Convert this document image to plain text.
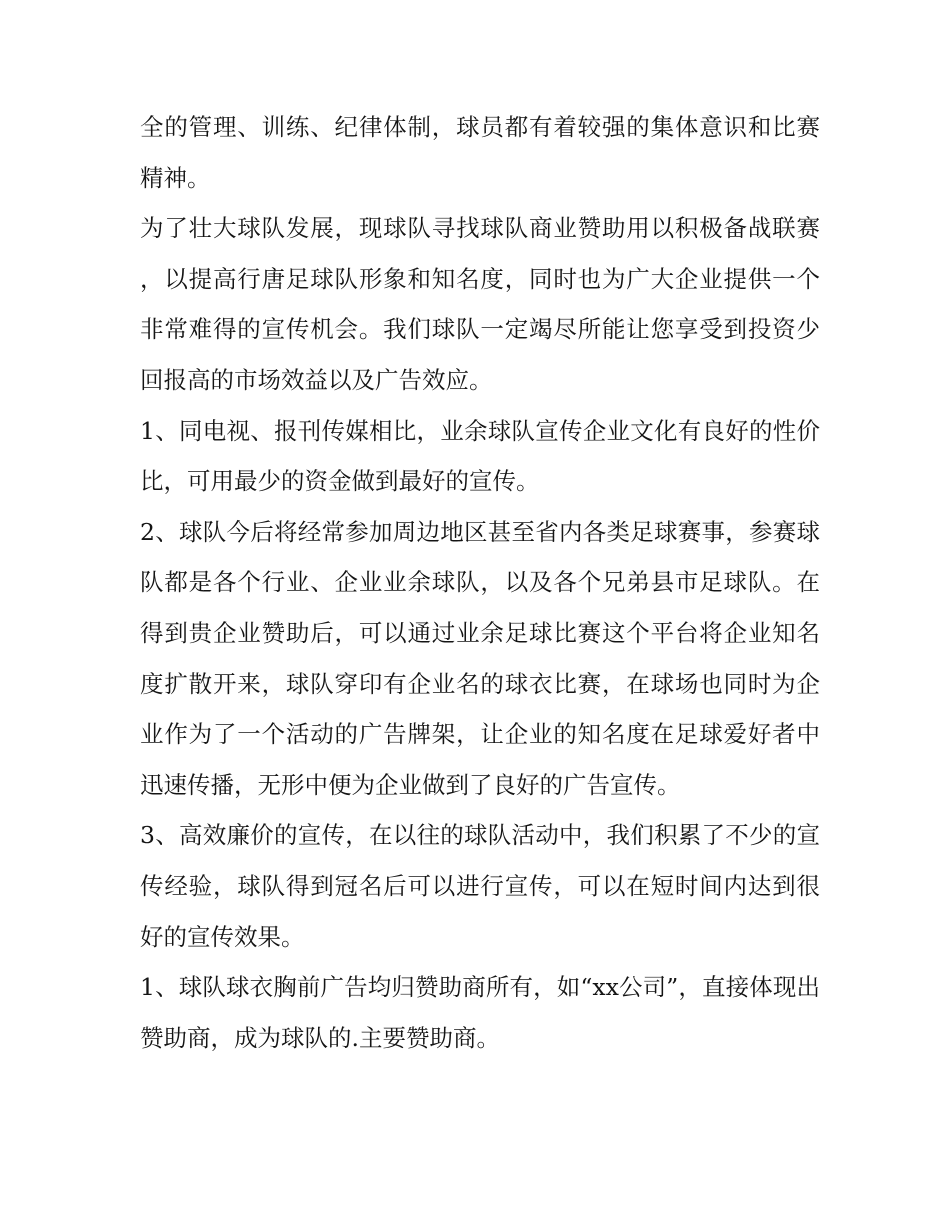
全的管理、训练、纪律体制，球员都有着较强的集体意识和比赛精神。

为了壮大球队发展，现球队寻找球队商业赞助用以积极备战联赛，以提高行唐足球队形象和知名度，同时也为广大企业提供一个非常难得的宣传机会。我们球队一定竭尽所能让您享受到投资少回报高的市场效益以及广告效应。

1、同电视、报刊传媒相比，业余球队宣传企业文化有良好的性价比，可用最少的资金做到最好的宣传。

2、球队今后将经常参加周边地区甚至省内各类足球赛事，参赛球队都是各个行业、企业业余球队，以及各个兄弟县市足球队。在得到贵企业赞助后，可以通过业余足球比赛这个平台将企业知名度扩散开来，球队穿印有企业名的球衣比赛，在球场也同时为企业作为了一个活动的广告牌架，让企业的知名度在足球爱好者中迅速传播，无形中便为企业做到了良好的广告宣传。

3、高效廉价的宣传，在以往的球队活动中，我们积累了不少的宣传经验，球队得到冠名后可以进行宣传，可以在短时间内达到很好的宣传效果。

1、球队球衣胸前广告均归赞助商所有，如“xx公司”，直接体现出赞助商，成为球队的.主要赞助商。
